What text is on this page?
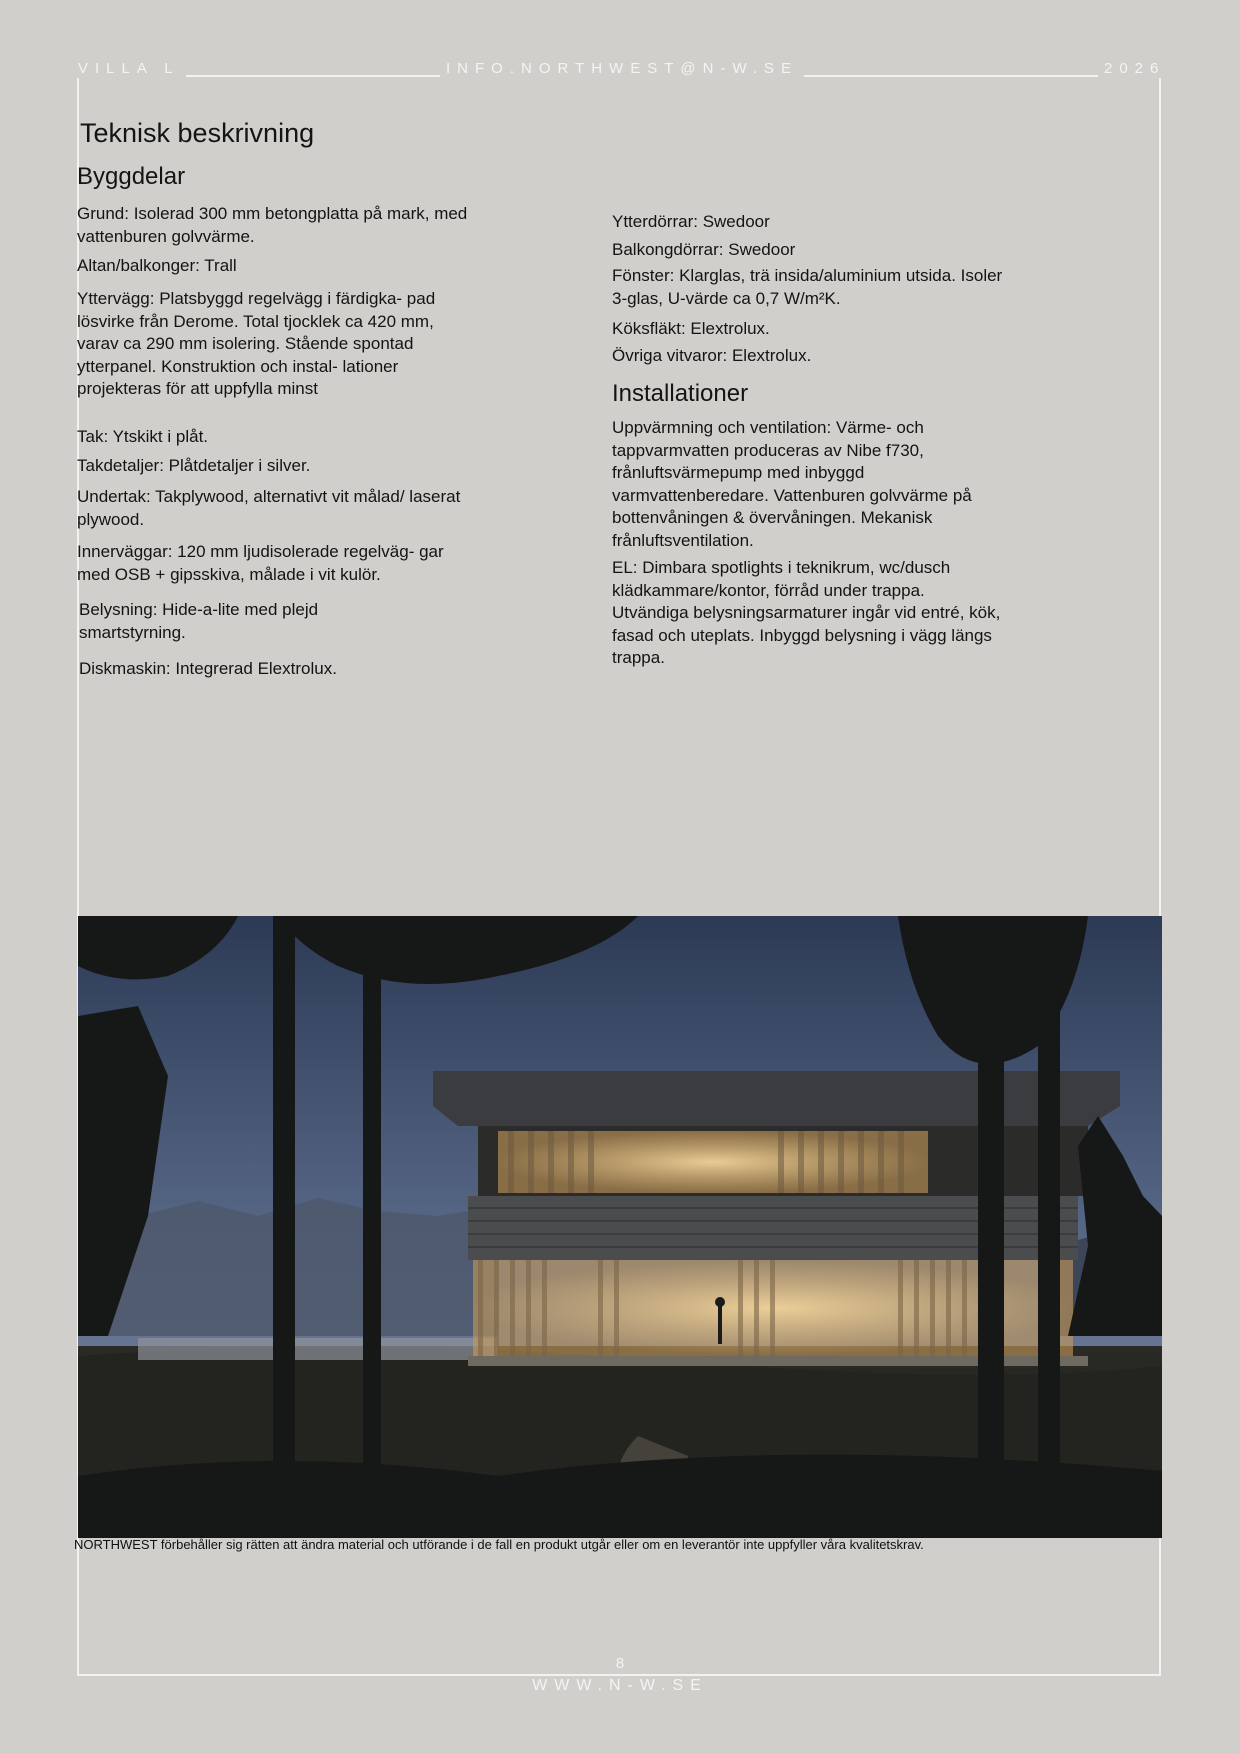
VILLA L	INFO.NORTHWEST@N-W.SE	2026
Teknisk beskrivning
Byggdelar

Grund: Isolerad 300 mm betongplatta på mark, med vattenburen golvvärme.

Altan/balkonger: Trall

Yttervägg: Platsbyggd regelvägg i färdigka- pad lösvirke från Derome. Total tjocklek ca 420 mm, varav ca 290 mm isolering. Stående spontad ytterpanel. Konstruktion och instal- lationer projekteras för att uppfylla minst

Tak: Ytskikt i plåt.

Takdetaljer: Plåtdetaljer i silver.

Undertak: Takplywood, alternativt vit målad/ laserat plywood.

Innerväggar: 120 mm ljudisolerade regelväg- gar med OSB + gipsskiva, målade i vit kulör.

Belysning: Hide-a-lite med plejd smartstyrning.

Diskmaskin: Integrerad Elextrolux.

Ytterdörrar: Swedoor

Balkongdörrar: Swedoor

Fönster: Klarglas, trä insida/aluminium utsida. Isoler 3-glas, U-värde ca 0,7 W/m²K.

Köksfläkt: Elextrolux.

Övriga vitvaror: Elextrolux.

Installationer

Uppvärmning och ventilation: Värme- och tappvarmvatten produceras av Nibe f730, frånluftsvärmepump med inbyggd varmvattenberedare. Vattenburen golvvärme på bottenvåningen & övervåningen. Mekanisk frånluftsventilation.

EL: Dimbara spotlights i teknikrum, wc/dusch klädkammare/kontor, förråd under trappa. Utvändiga belysningsarmaturer ingår vid entré, kök, fasad och uteplats. Inbyggd belysning i vägg längs trappa.

NORTHWEST förbehåller sig rätten att ändra material och utförande i de fall en produkt utgår eller om en leverantör inte uppfyller våra kvalitetskrav.
8
WWW.N-W.SE
